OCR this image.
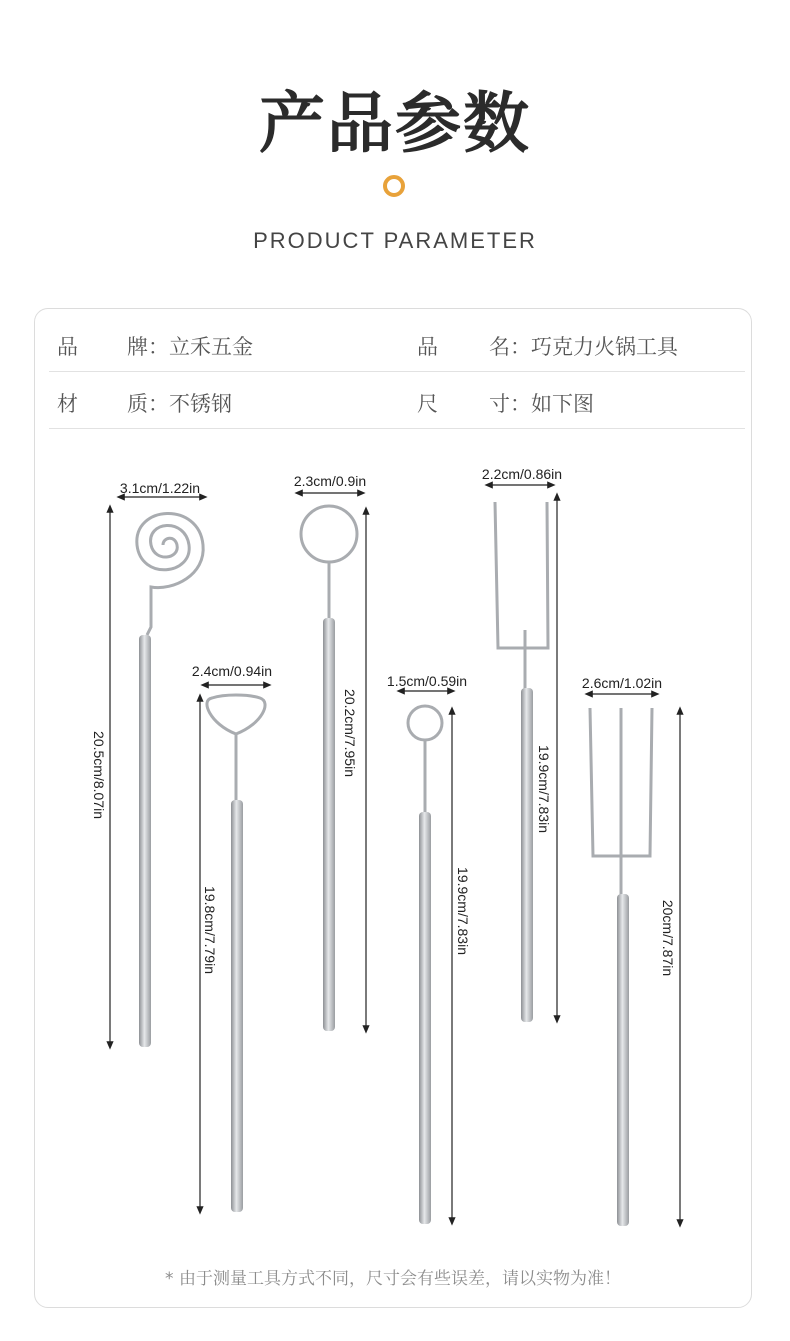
产品参数
PRODUCT PARAMETER
品 牌：立禾五金	品 名：巧克力火锅工具
材 质：不锈钢	尺 寸：如下图
* 由于测量工具方式不同，尺寸会有些误差，请以实物为准！
3.1cm/1.22in
20.5cm/8.07in
2.4cm/0.94in
19.8cm/7.79in
2.3cm/0.9in
20.2cm/7.95in
1.5cm/0.59in
19.9cm/7.83in
2.2cm/0.86in
19.9cm/7.83in
2.6cm/1.02in
20cm/7.87in
